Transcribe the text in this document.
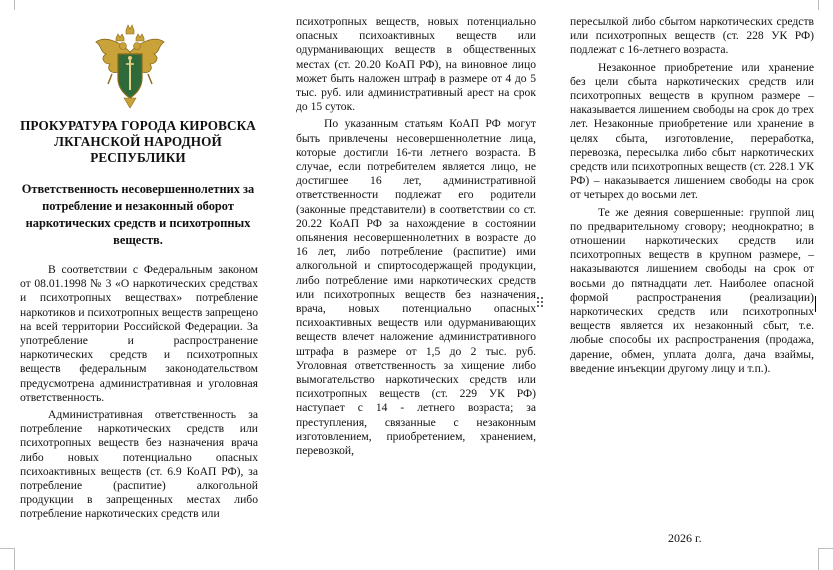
ПРОКУРАТУРА ГОРОДА КИРОВСКА ЛКГАНСКОЙ НАРОДНОЙ РЕСПУБЛИКИ
Ответственность несовершеннолетних за потребление и незаконный оборот наркотических средств и психотропных веществ.

В соответствии с Федеральным законом от 08.01.1998 № 3 «О наркотических средствах и психотропных веществах» потребление наркотиков и психотропных веществ запрещено на всей территории Российской Федерации. За употребление и распространение наркотических средств и психотропных веществ федеральным законодательством предусмотрена административная и уголовная ответственность.

Административная ответственность за потребление наркотических средств или психотропных веществ без назначения врача либо новых потенциально опасных психоактивных веществ (ст. 6.9 КоАП РФ), за потребление (распитие) алкогольной продукции в запрещенных местах либо потребление наркотических средств или

психотропных веществ, новых потенциально опасных психоактивных веществ или одурманивающих веществ в общественных местах (ст. 20.20 КоАП РФ), на виновное лицо может быть наложен штраф в размере от 4 до 5 тыс. руб. или административный арест на срок до 15 суток.

По указанным статьям КоАП РФ могут быть привлечены несовершеннолетние лица, которые достигли 16-ти летнего возраста. В случае, если потребителем является лицо, не достигшее 16 лет, административной ответственности подлежат его родители (законные представители) в соответствии со ст. 20.22 КоАП РФ за нахождение в состоянии опьянения несовершеннолетних в возрасте до 16 лет, либо потребление (распитие) ими алкогольной и спиртосодержащей продукции, либо потребление ими наркотических средств или психотропных веществ без назначения врача, новых потенциально опасных психоактивных веществ или одурманивающих веществ влечет наложение административного штрафа в размере от 1,5 до 2 тыс. руб. Уголовная ответственность за хищение либо вымогательство наркотических средств или психотропных веществ (ст. 229 УК РФ) наступает с 14 - летнего возраста; за преступления, связанные с незаконным изготовлением, приобретением, хранением, перевозкой,

пересылкой либо сбытом наркотических средств или психотропных веществ (ст. 228 УК РФ) подлежат с 16-летнего возраста.

Незаконное приобретение или хранение без цели сбыта наркотических средств или психотропных веществ в крупном размере – наказывается лишением свободы на срок до трех лет. Незаконные приобретение или хранение в целях сбыта, изготовление, переработка, перевозка, пересылка либо сбыт наркотических средств или психотропных веществ (ст. 228.1 УК РФ) – наказывается лишением свободы на срок от четырех до восьми лет.

Те же деяния совершенные: группой лиц по предварительному сговору; неоднократно; в отношении наркотических средств или психотропных веществ в крупном размере, – наказываются лишением свободы на срок от восьми до пятнадцати лет. Наиболее опасной формой распространения (реализации) наркотических средств или психотропных веществ является их незаконный сбыт, т.е. любые способы их распространения (продажа, дарение, обмен, уплата долга, дача взаймы, введение инъекции другому лицу и т.п.).

2026 г.
